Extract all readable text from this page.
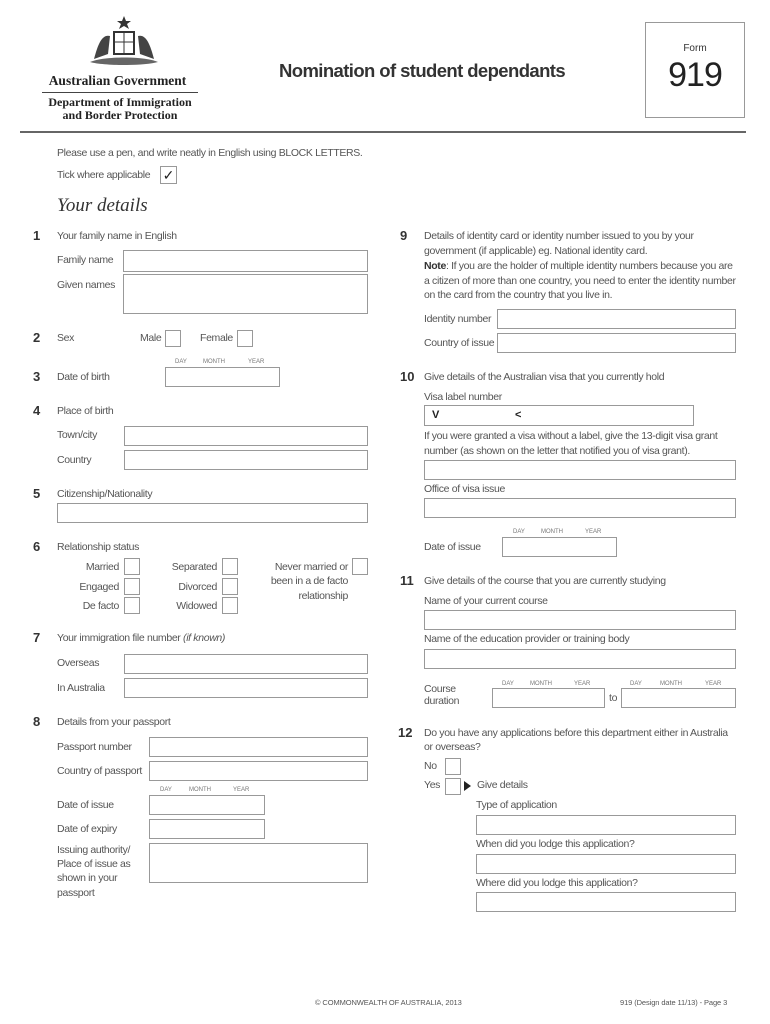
Australian Government
Department of Immigration
and Border Protection
Nomination of student dependants
Form
919
Please use a pen, and write neatly in English using BLOCK LETTERS.
Tick where applicable ✓
Your details
1 Your family name in English
Family name
Given names
2 Sex	Male	Female
DAY	MONTH	YEAR
3 Date of birth
4 Place of birth
Town/city
Country
5 Citizenship/Nationality
6 Relationship status
Married
Engaged
De facto
Separated
Divorced
Widowed
Never married or
been in a de facto
relationship
7 Your immigration file number (if known)
Overseas
In Australia
8 Details from your passport
Passport number
Country of passport
DAY	MONTH	YEAR
Date of issue
Date of expiry
Issuing authority/
Place of issue as
shown in your
passport
9 Details of identity card or identity number issued to you by your
government (if applicable) eg. National identity card.
Note: If you are the holder of multiple identity numbers because you are
a citizen of more than one country, you need to enter the identity number
on the card from the country that you live in.
Identity number
Country of issue
10 Give details of the Australian visa that you currently hold
Visa label number
V	<
If you were granted a visa without a label, give the 13-digit visa grant
number (as shown on the letter that notified you of visa grant).
Office of visa issue
DAY	MONTH	YEAR
Date of issue
11 Give details of the course that you are currently studying
Name of your current course
Name of the education provider or training body
Course
duration
DAY	MONTH	YEAR
to
DAY	MONTH	YEAR
12 Do you have any applications before this department either in Australia
or overseas?
No
Yes	Give details
Type of application
When did you lodge this application?
Where did you lodge this application?
© COMMONWEALTH OF AUSTRALIA, 2013	919 (Design date 11/13) - Page 3
